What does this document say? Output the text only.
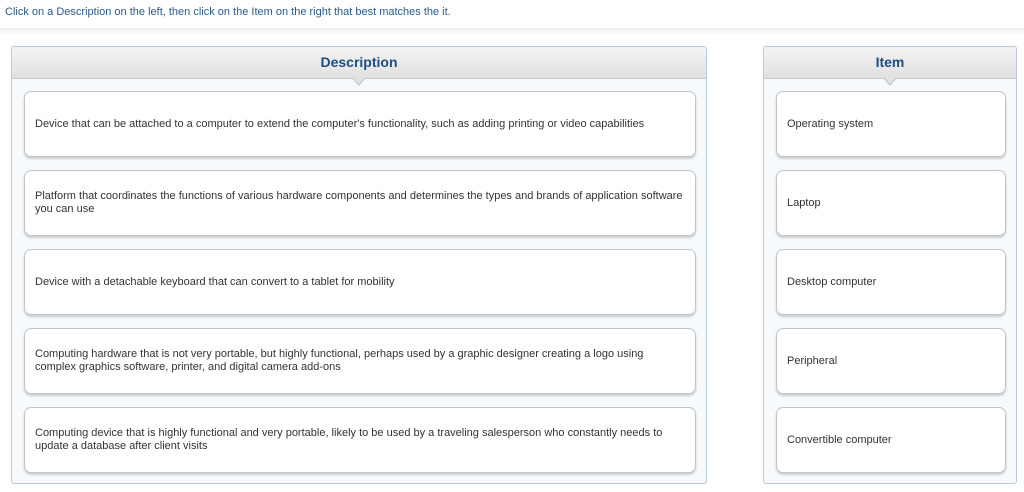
Click on a Description on the left, then click on the Item on the right that best matches the it.
Description
Device that can be attached to a computer to extend the computer's functionality, such as adding printing or video capabilities
Platform that coordinates the functions of various hardware components and determines the types and brands of application software you can use
Device with a detachable keyboard that can convert to a tablet for mobility
Computing hardware that is not very portable, but highly functional, perhaps used by a graphic designer creating a logo using complex graphics software, printer, and digital camera add-ons
Computing device that is highly functional and very portable, likely to be used by a traveling salesperson who constantly needs to update a database after client visits
Item
Operating system
Laptop
Desktop computer
Peripheral
Convertible computer
